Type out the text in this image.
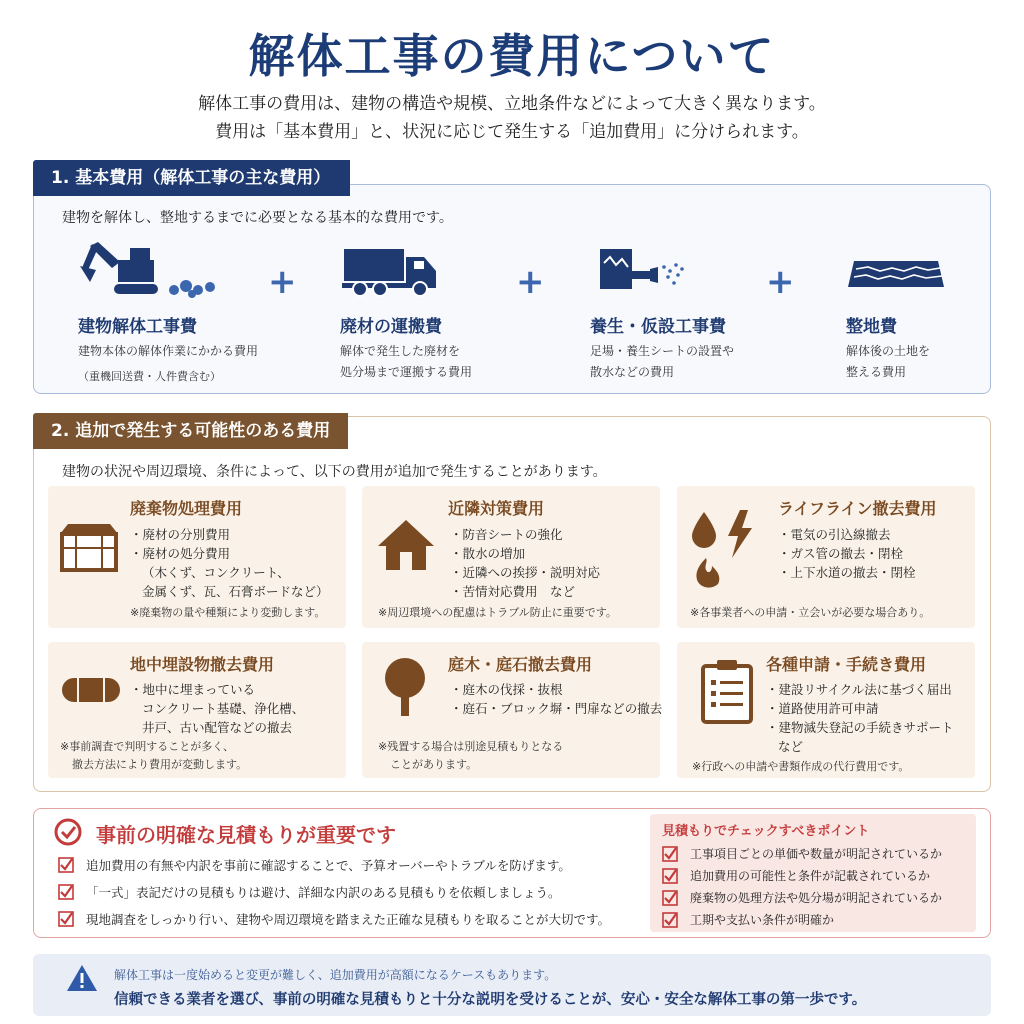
解体工事の費用について
解体工事の費用は、建物の構造や規模、立地条件などによって大きく異なります。
費用は「基本費用」と、状況に応じて発生する「追加費用」に分けられます。
1. 基本費用（解体工事の主な費用）
建物を解体し、整地するまでに必要となる基本的な費用です。
建物解体工事費
建物本体の解体作業にかかる費用
（重機回送費・人件費含む）
+
廃材の運搬費
解体で発生した廃材を
処分場まで運搬する費用
+
養生・仮設工事費
足場・養生シートの設置や
散水などの費用
+
整地費
解体後の土地を
整える費用
2. 追加で発生する可能性のある費用
建物の状況や周辺環境、条件によって、以下の費用が追加で発生することがあります。
廃棄物処理費用
・廃材の分別費用
・廃材の処分費用
（木くず、コンクリート、
金属くず、瓦、石膏ボードなど）
※廃棄物の量や種類により変動します。
近隣対策費用
・防音シートの強化
・散水の増加
・近隣への挨拶・説明対応
・苦情対応費用　など
※周辺環境への配慮はトラブル防止に重要です。
ライフライン撤去費用
・電気の引込線撤去
・ガス管の撤去・閉栓
・上下水道の撤去・閉栓
※各事業者への申請・立会いが必要な場合あり。
地中埋設物撤去費用
・地中に埋まっている
コンクリート基礎、浄化槽、
井戸、古い配管などの撤去
※事前調査で判明することが多く、
撤去方法により費用が変動します。
庭木・庭石撤去費用
・庭木の伐採・抜根
・庭石・ブロック塀・門扉などの撤去
※残置する場合は別途見積もりとなる
ことがあります。
各種申請・手続き費用
・建設リサイクル法に基づく届出
・道路使用許可申請
・建物滅失登記の手続きサポート
など
※行政への申請や書類作成の代行費用です。
事前の明確な見積もりが重要です
追加費用の有無や内訳を事前に確認することで、予算オーバーやトラブルを防げます。
「一式」表記だけの見積もりは避け、詳細な内訳のある見積もりを依頼しましょう。
現地調査をしっかり行い、建物や周辺環境を踏まえた正確な見積もりを取ることが大切です。
見積もりでチェックすべきポイント
工事項目ごとの単価や数量が明記されているか
追加費用の可能性と条件が記載されているか
廃棄物の処理方法や処分場が明記されているか
工期や支払い条件が明確か
解体工事は一度始めると変更が難しく、追加費用が高額になるケースもあります。
信頼できる業者を選び、事前の明確な見積もりと十分な説明を受けることが、安心・安全な解体工事の第一歩です。
